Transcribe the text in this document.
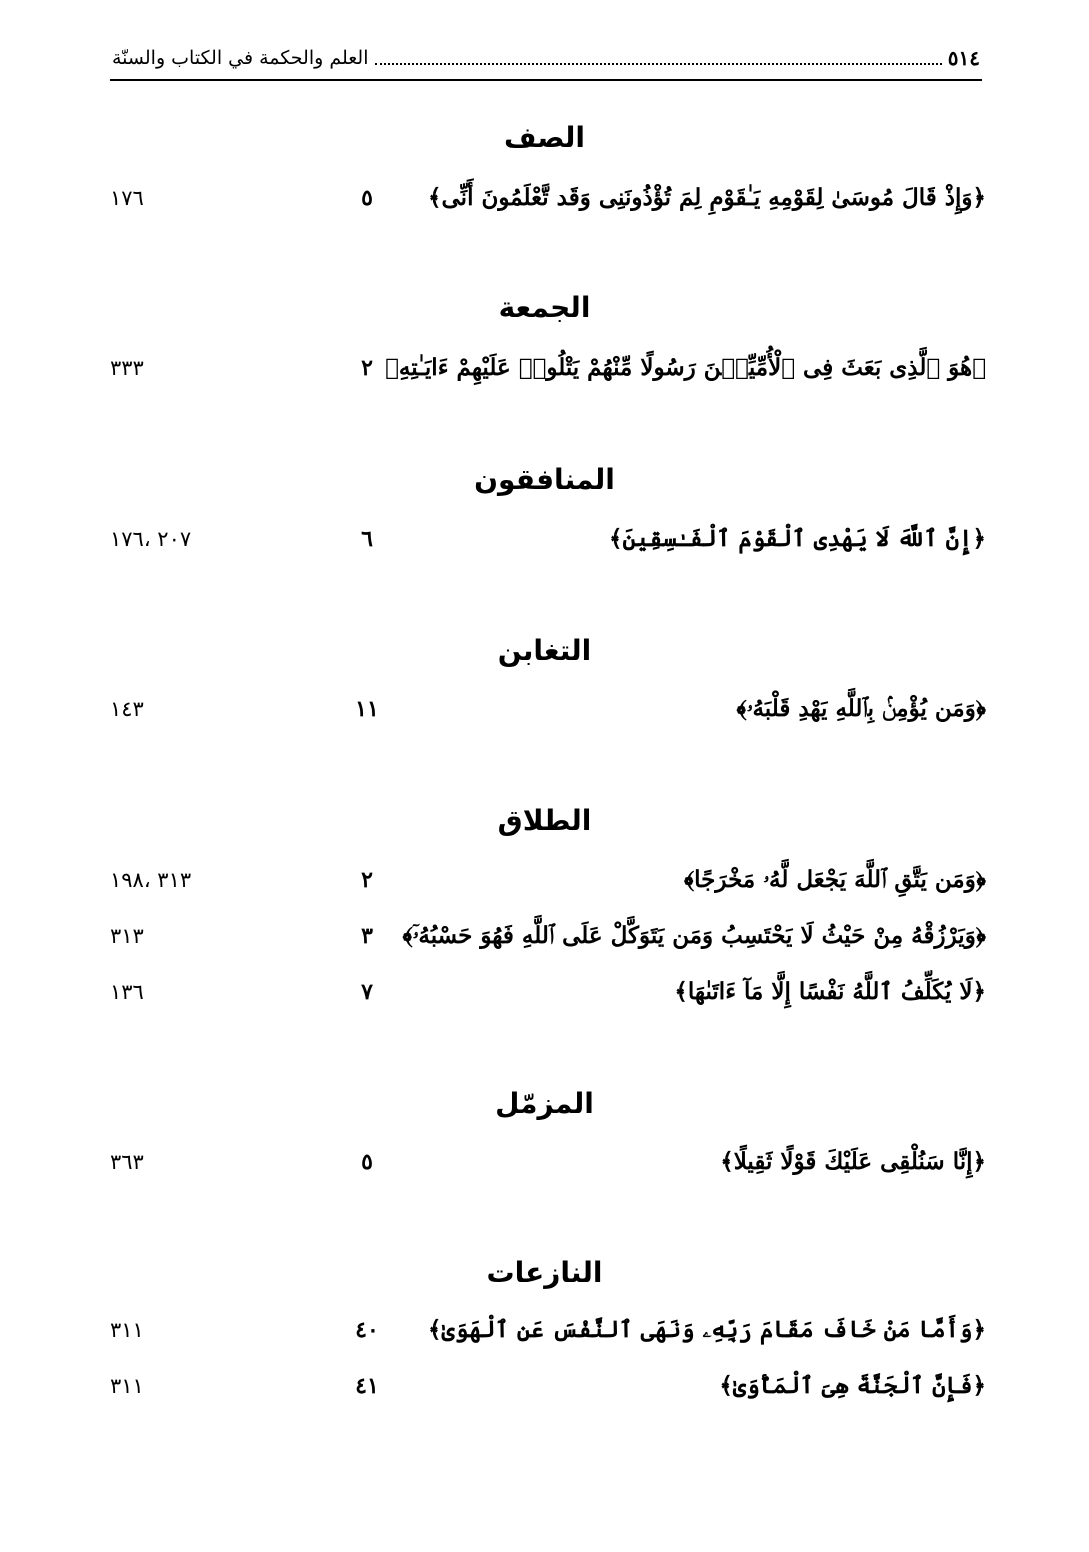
٥١٤
العلم والحكمة في الكتاب والسنّة
الصف
﴿وَإِذْ قَالَ مُوسَىٰ لِقَوْمِهِ يَـٰقَوْمِ لِمَ تُؤْذُونَنِى وَقَد تَّعْلَمُونَ أَنِّى﴾
٥
١٧٦
الجمعة
﴿هُوَ ٱلَّذِى بَعَثَ فِى ٱلْأُمِّيِّـۧنَ رَسُولًا مِّنْهُمْ يَتْلُوا۟ عَلَيْهِمْ ءَايَـٰتِهِ﴾
٢
٣٣٣
المنافقون
﴿إِنَّ ٱللَّهَ لَا يَهْدِى ٱلْقَوْمَ ٱلْفَـٰسِقِينَ﴾
٦
٢٠٧ ،١٧٦
التغابن
﴿وَمَن يُؤْمِنۢ بِٱللَّهِ يَهْدِ قَلْبَهُۥ﴾
١١
١٤٣
الطلاق
﴿وَمَن يَتَّقِ ٱللَّهَ يَجْعَل لَّهُۥ مَخْرَجًا﴾
٢
٣١٣ ،١٩٨
﴿وَيَرْزُقْهُ مِنْ حَيْثُ لَا يَحْتَسِبُ وَمَن يَتَوَكَّلْ عَلَى ٱللَّهِ فَهُوَ حَسْبُهُۥٓ﴾
٣
٣١٣
﴿لَا يُكَلِّفُ ٱللَّهُ نَفْسًا إِلَّا مَآ ءَاتَىٰهَا﴾
٧
١٣٦
المزمّل
﴿إِنَّا سَنُلْقِى عَلَيْكَ قَوْلًا ثَقِيلًا﴾
٥
٣٦٣
النازعات
﴿وَأَمَّا مَنْ خَافَ مَقَامَ رَبِّهِۦ وَنَهَى ٱلنَّفْسَ عَنِ ٱلْهَوَىٰ﴾
٤٠
٣١١
﴿فَإِنَّ ٱلْجَنَّةَ هِىَ ٱلْمَأْوَىٰ﴾
٤١
٣١١
